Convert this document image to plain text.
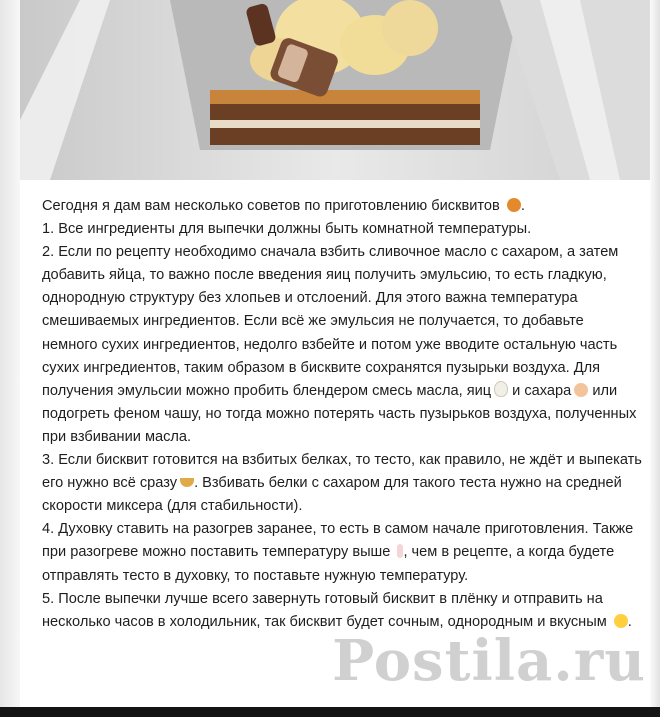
Сегодня я дам вам несколько советов по приготовлению бисквитов .

1. Все ингредиенты для выпечки должны быть комнатной температуры.

2. Если по рецепту необходимо сначала взбить сливочное масло с сахаром, а затем добавить яйца, то важно после введения яиц получить эмульсию, то есть гладкую, однородную структуру без хлопьев и отслоений. Для этого важна температура смешиваемых ингредиентов. Если всё же эмульсия не получается, то добавьте немного сухих ингредиентов, недолго взбейте и потом уже вводите остальную часть сухих ингредиентов, таким образом в бисквите сохранятся пузырьки воздуха. Для получения эмульсии можно пробить блендером смесь масла, яиц и сахара или подогреть феном чашу, но тогда можно потерять часть пузырьков воздуха, полученных при взбивании масла.

3. Если бисквит готовится на взбитых белках, то тесто, как правило, не ждёт и выпекать его нужно всё сразу . Взбивать белки с сахаром для такого теста нужно на средней скорости миксера (для стабильности).

4. Духовку ставить на разогрев заранее, то есть в самом начале приготовления. Также при разогреве можно поставить температуру выше , чем в рецепте, а когда будете отправлять тесто в духовку, то поставьте нужную температуру.

5. После выпечки лучше всего завернуть готовый бисквит в плёнку и отправить на несколько часов в холодильник, так бисквит будет сочным, однородным и вкусным .

Postila.ru
